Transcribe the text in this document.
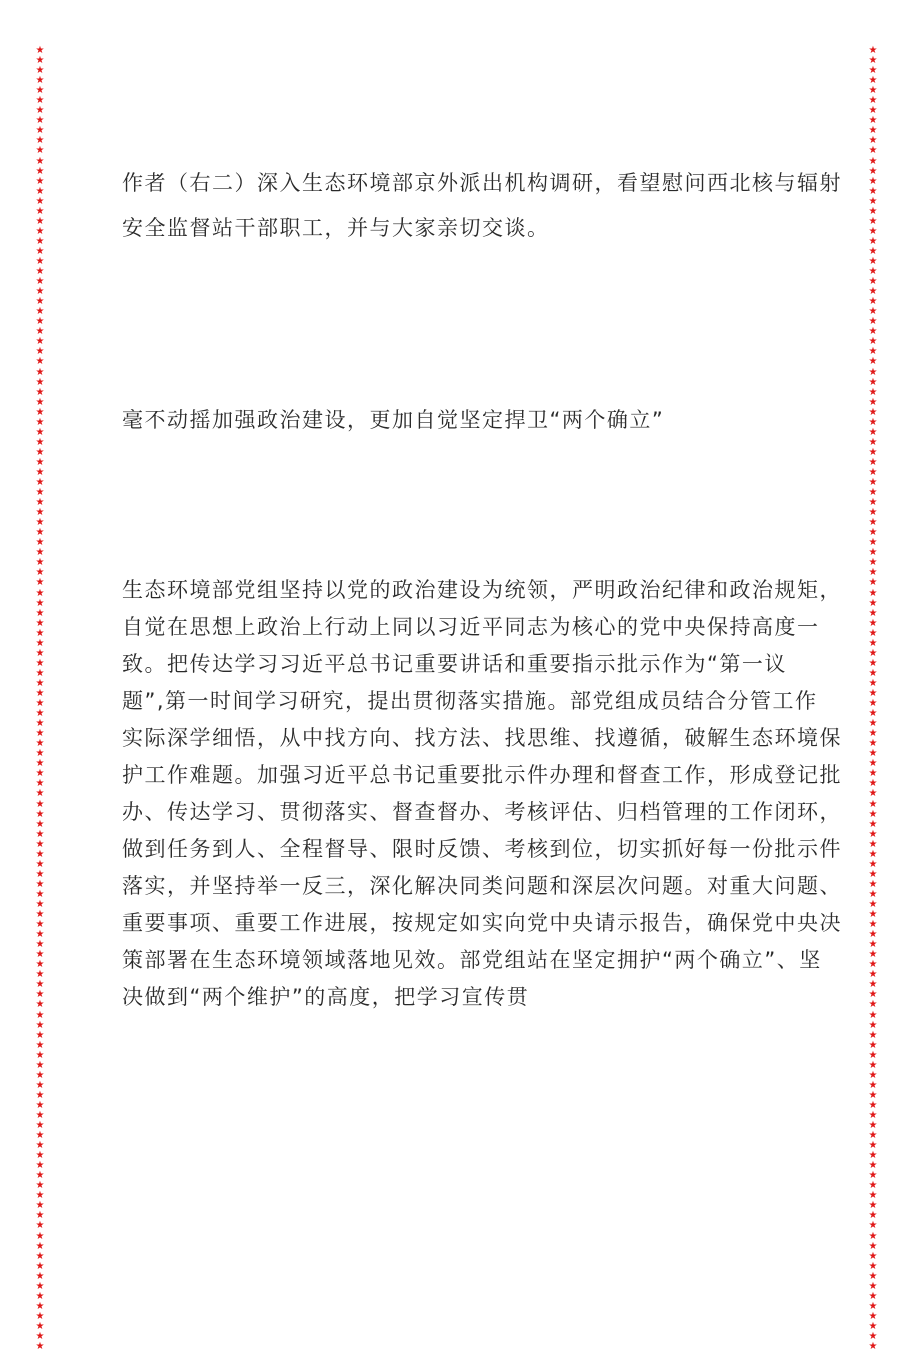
★★★★★★★★★★★★★★★★★★★★★★★★★★★★★★★★★★★★★★★★★★★★★★★★★★★★★★★★★★★★★★★★★★★★★★★★★★★★★★★★★★★★★★★★★★★★★★★★★★★★★★★★★★★★★★★★★★★★★★★★★★★★★★★★★★
★★★★★★★★★★★★★★★★★★★★★★★★★★★★★★★★★★★★★★★★★★★★★★★★★★★★★★★★★★★★★★★★★★★★★★★★★★★★★★★★★★★★★★★★★★★★★★★★★★★★★★★★★★★★★★★★★★★★★★★★★★★★★★★★★★
作者（右二）深入生态环境部京外派出机构调研，看望慰问西北核与辐射
安全监督站干部职工，并与大家亲切交谈。
毫不动摇加强政治建设，更加自觉坚定捍卫“两个确立”
生态环境部党组坚持以党的政治建设为统领，严明政治纪律和政治规矩，
自觉在思想上政治上行动上同以习近平同志为核心的党中央保持高度一
致。把传达学习习近平总书记重要讲话和重要指示批示作为“第一议
题”,第一时间学习研究，提出贯彻落实措施。部党组成员结合分管工作
实际深学细悟，从中找方向、找方法、找思维、找遵循，破解生态环境保
护工作难题。加强习近平总书记重要批示件办理和督查工作，形成登记批
办、传达学习、贯彻落实、督查督办、考核评估、归档管理的工作闭环，
做到任务到人、全程督导、限时反馈、考核到位，切实抓好每一份批示件
落实，并坚持举一反三，深化解决同类问题和深层次问题。对重大问题、
重要事项、重要工作进展，按规定如实向党中央请示报告，确保党中央决
策部署在生态环境领域落地见效。部党组站在坚定拥护“两个确立”、坚
决做到“两个维护”的高度，把学习宣传贯
